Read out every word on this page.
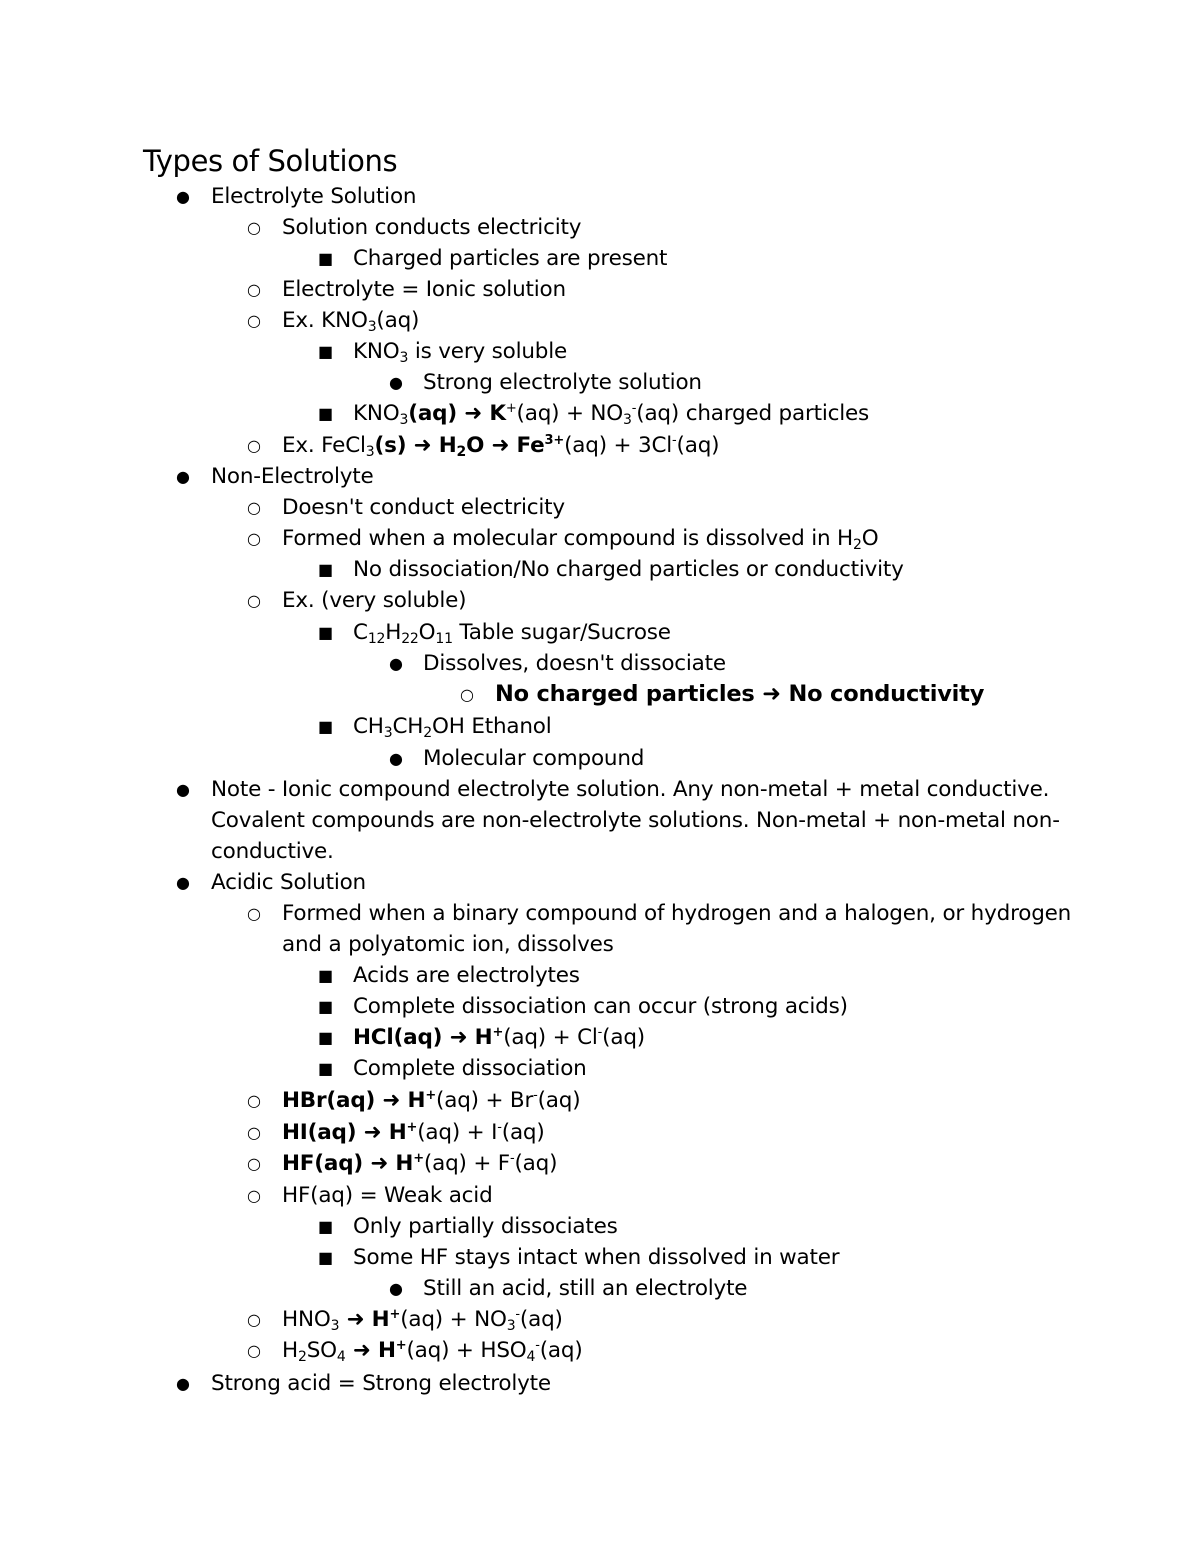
Types of Solutions
● Electrolyte Solution
○ Solution conducts electricity
■ Charged particles are present
○ Electrolyte = Ionic solution
○ Ex. $KNO_3(aq)$
■ $KNO_3$ is very soluble
● Strong electrolyte solution
■ $KNO_3(aq)$ ➜ $K^+(aq) + NO_3^-(aq)$ charged particles
○ Ex. FeCl$_3$(s) ➜ $H_2O$ ➜ $Fe^{3+}(aq) + 3Cl^-(aq)$
● Non-Electrolyte
○ Doesn't conduct electricity
○ Formed when a molecular compound is dissolved in $H_2O$
■ No dissociation/No charged particles or conductivity
○ Ex. (very soluble)
■ $C_{12}H_{22}O_{11}$ Table sugar/Sucrose
● Dissolves, doesn't dissociate
○ No charged particles ➜ No conductivity
■ $CH_3CH_2OH$ Ethanol
● Molecular compound
● Note - Ionic compound electrolyte solution. Any non-metal + metal conductive.
Covalent compounds are non-electrolyte solutions. Non-metal + non-metal non-
conductive.
● Acidic Solution
○ Formed when a binary compound of hydrogen and a halogen, or hydrogen
and a polyatomic ion, dissolves
■ Acids are electrolytes
■ Complete dissociation can occur (strong acids)
■ HCl(aq) ➜ H+(aq) + Cl-(aq)
■ Complete dissociation
○ HBr(aq) ➜ H+(aq) + Br-(aq)
○ HI(aq) ➜ H+(aq) + I-(aq)
○ HF(aq) ➜ H+(aq) + F-(aq)
○ HF(aq) = Weak acid
■ Only partially dissociates
■ Some HF stays intact when dissolved in water
● Still an acid, still an electrolyte
○ $HNO_3$ ➜ $H^+(aq) + NO_3^-(aq)$
○ $H_2SO_4$ ➜ $H^+(aq) + HSO_4^-(aq)$
● Strong acid = Strong electrolyte
